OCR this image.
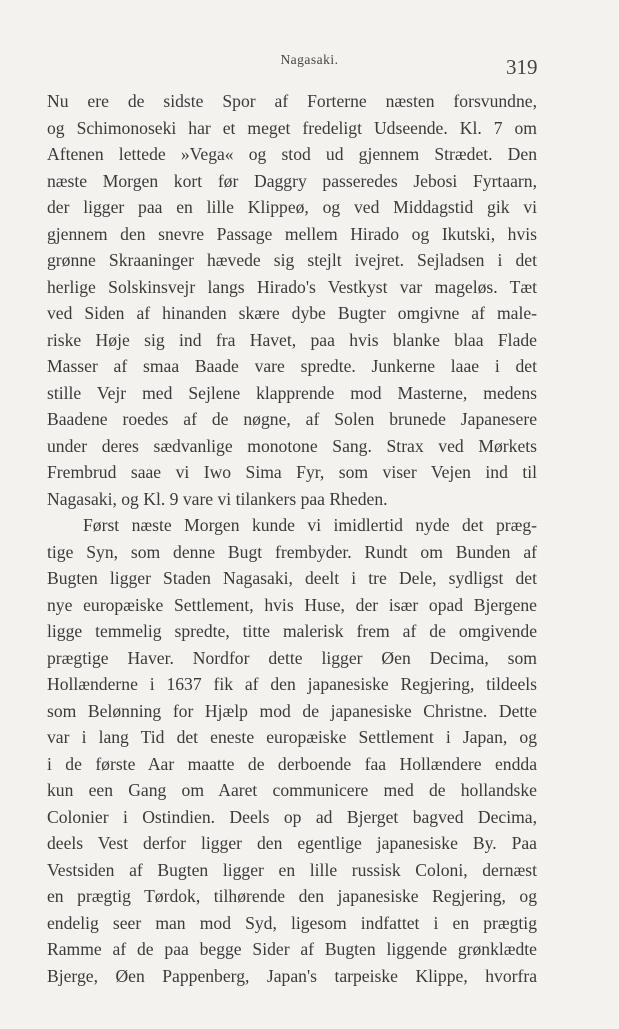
Nagasaki.	319
Nu ere de sidste Spor af Forterne næsten forsvundne,
og Schimonoseki har et meget fredeligt Udseende. Kl. 7 om
Aftenen lettede »Vega« og stod ud gjennem Strædet. Den
næste Morgen kort før Daggry passeredes Jebosi Fyrtaarn,
der ligger paa en lille Klippeø, og ved Middagstid gik vi
gjennem den snevre Passage mellem Hirado og Ikutski, hvis
grønne Skraaninger hævede sig stejlt ivejret. Sejladsen i det
herlige Solskinsvejr langs Hirado's Vestkyst var mageløs. Tæt
ved Siden af hinanden skære dybe Bugter omgivne af male-
riske Høje sig ind fra Havet, paa hvis blanke blaa Flade
Masser af smaa Baade vare spredte. Junkerne laae i det
stille Vejr med Sejlene klapprende mod Masterne, medens
Baadene roedes af de nøgne, af Solen brunede Japanesere
under deres sædvanlige monotone Sang. Strax ved Mørkets
Frembrud saae vi Iwo Sima Fyr, som viser Vejen ind til
Nagasaki, og Kl. 9 vare vi tilankers paa Rheden.
Først næste Morgen kunde vi imidlertid nyde det præg-
tige Syn, som denne Bugt frembyder. Rundt om Bunden af
Bugten ligger Staden Nagasaki, deelt i tre Dele, sydligst det
nye europæiske Settlement, hvis Huse, der især opad Bjergene
ligge temmelig spredte, titte malerisk frem af de omgivende
prægtige Haver. Nordfor dette ligger Øen Decima, som
Hollænderne i 1637 fik af den japanesiske Regjering, tildeels
som Belønning for Hjælp mod de japanesiske Christne. Dette
var i lang Tid det eneste europæiske Settlement i Japan, og
i de første Aar maatte de derboende faa Hollændere endda
kun een Gang om Aaret communicere med de hollandske
Colonier i Ostindien. Deels op ad Bjerget bagved Decima,
deels Vest derfor ligger den egentlige japanesiske By. Paa
Vestsiden af Bugten ligger en lille russisk Coloni, dernæst
en prægtig Tørdok, tilhørende den japanesiske Regjering, og
endelig seer man mod Syd, ligesom indfattet i en prægtig
Ramme af de paa begge Sider af Bugten liggende grønklædte
Bjerge, Øen Pappenberg, Japan's tarpeiske Klippe, hvorfra
